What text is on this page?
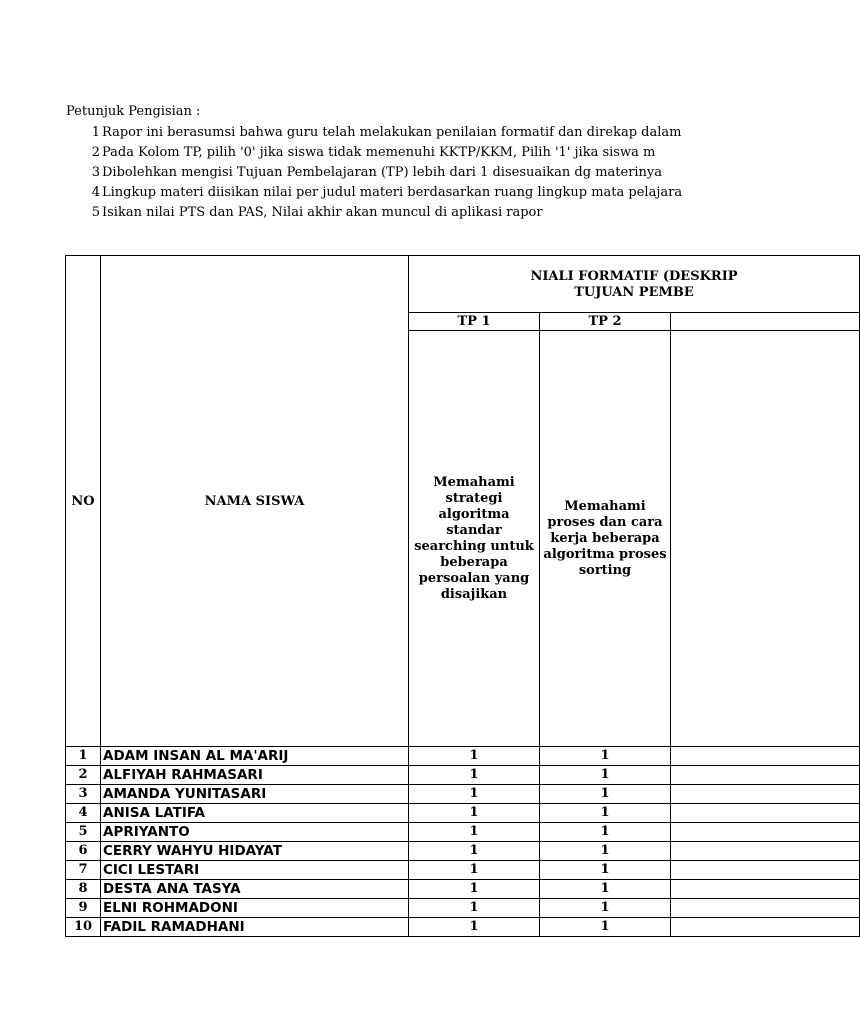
Petunjuk Pengisian :
1 Rapor ini berasumsi bahwa guru telah melakukan penilaian formatif dan direkap dalam
2 Pada Kolom TP, pilih '0' jika siswa tidak memenuhi KKTP/KKM, Pilih '1' jika siswa m
3 Dibolehkan mengisi Tujuan Pembelajaran (TP) lebih dari 1 disesuaikan dg materinya
4 Lingkup materi diisikan nilai per judul materi berdasarkan ruang lingkup mata pelajara
5 Isikan nilai PTS dan PAS, Nilai akhir akan muncul di aplikasi rapor
NO	NAMA SISWA	NIALI FORMATIF (DESKRIP
TUJUAN PEMBE		

		TP 1	TP 2	
		Memahami strategi algoritma standar searching untuk beberapa persoalan yang disajikan	Memahami proses dan cara kerja beberapa algoritma proses sorting	
1	ADAM INSAN AL MA'ARIJ	1	1	
2	ALFIYAH RAHMASARI	1	1	
3	AMANDA YUNITASARI	1	1	
4	ANISA LATIFA	1	1	
5	APRIYANTO	1	1	
6	CERRY WAHYU HIDAYAT	1	1	
7	CICI LESTARI	1	1	
8	DESTA ANA TASYA	1	1	
9	ELNI ROHMADONI	1	1	
10	FADIL RAMADHANI	1	1	
